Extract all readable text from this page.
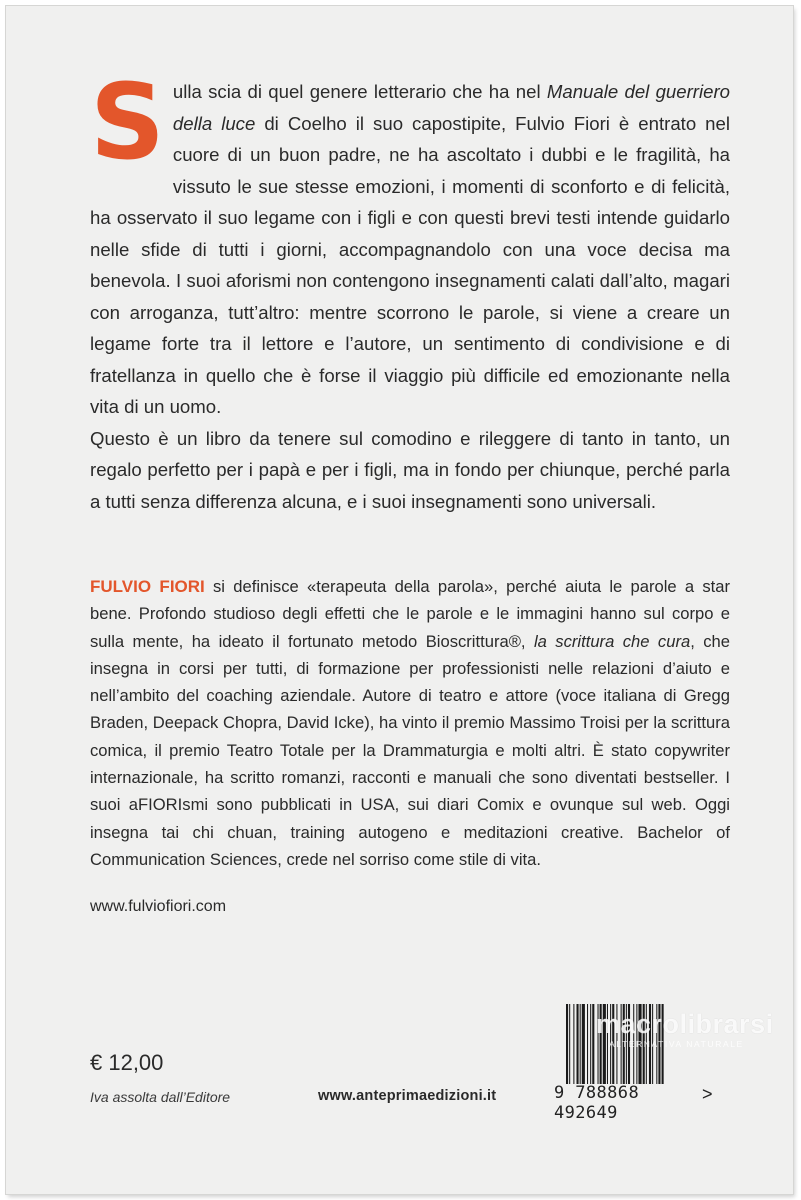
Sulla scia di quel genere letterario che ha nel Manuale del guerriero della luce di Coelho il suo capostipite, Fulvio Fiori è entrato nel cuore di un buon padre, ne ha ascoltato i dubbi e le fragilità, ha vissuto le sue stesse emozioni, i momenti di sconforto e di felicità, ha osservato il suo legame con i figli e con questi brevi testi intende guidarlo nelle sfide di tutti i giorni, accompagnandolo con una voce decisa ma benevola. I suoi aforismi non contengono insegnamenti calati dall’alto, magari con arroganza, tutt’altro: mentre scorrono le parole, si viene a creare un legame forte tra il lettore e l’autore, un sentimento di condivisione e di fratellanza in quello che è forse il viaggio più difficile ed emozionante nella vita di un uomo.

Questo è un libro da tenere sul comodino e rileggere di tanto in tanto, un regalo perfetto per i papà e per i figli, ma in fondo per chiunque, perché parla a tutti senza differenza alcuna, e i suoi insegnamenti sono universali.

FULVIO FIORI si definisce «terapeuta della parola», perché aiuta le parole a star bene. Profondo studioso degli effetti che le parole e le immagini hanno sul corpo e sulla mente, ha ideato il fortunato metodo Bioscrittura®, la scrittura che cura, che insegna in corsi per tutti, di formazione per professionisti nelle relazioni d’aiuto e nell’ambito del coaching aziendale. Autore di teatro e attore (voce italiana di Gregg Braden, Deepack Chopra, David Icke), ha vinto il premio Massimo Troisi per la scrittura comica, il premio Teatro Totale per la Drammaturgia e molti altri. È stato copywriter internazionale, ha scritto romanzi, racconti e manuali che sono diventati bestseller. I suoi aFIORIsmi sono pubblicati in USA, sui diari Comix e ovunque sul web. Oggi insegna tai chi chuan, training autogeno e meditazioni creative. Bachelor of Communication Sciences, crede nel sorriso come stile di vita.

www.fulviofiori.com
€ 12,00
Iva assolta dall’Editore	www.anteprimaedizioni.it	9 788868 492649
>
macrolibrarsi
ALTERNATIVA NATURALE
